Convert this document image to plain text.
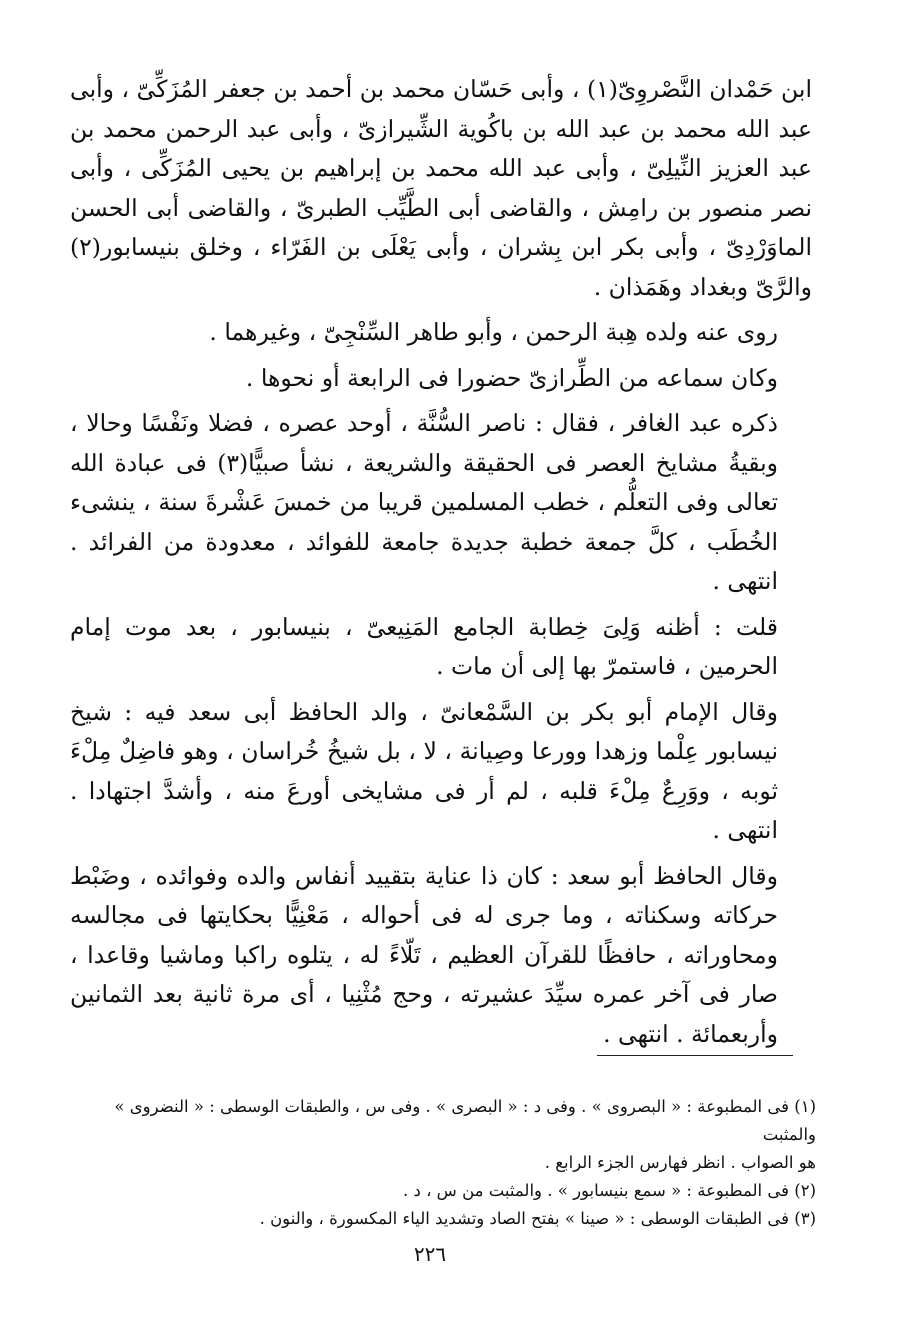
ابن حَمْدان النَّصْروِىّ(١) ، وأبى حَسّان محمد بن أحمد بن جعفر المُزَكِّىّ ، وأبى عبد الله محمد بن عبد الله بن باكُوية الشِّيرازىّ ، وأبى عبد الرحمن محمد بن عبد العزيز النِّيلِىّ ، وأبى عبد الله محمد بن إبراهيم بن يحيى المُزَكِّى ، وأبى نصر منصور بن رامِش ، والقاضى أبى الطَّيِّب الطبرىّ ، والقاضى أبى الحسن الماوَرْدِىّ ، وأبى بكر ابن بِشران ، وأبى يَعْلَى بن الفَرّاء ، وخلق بنيسابور(٢) والرَّىّ وبغداد وهَمَذان .

روى عنه ولده هِبة الرحمن ، وأبو طاهر السِّنْجِىّ ، وغيرهما .

وكان سماعه من الطِّرازىّ حضورا فى الرابعة أو نحوها .

ذكره عبد الغافر ، فقال : ناصر السُّنَّة ، أوحد عصره ، فضلا ونَفْسًا وحالا ، وبقيةُ مشايخ العصر فى الحقيقة والشريعة ، نشأ صبيًّا(٣) فى عبادة الله تعالى وفى التعلُّم ، خطب المسلمين قريبا من خمسَ عَشْرةَ سنة ، ينشىء الخُطَب ، كلَّ جمعة خطبة جديدة جامعة للفوائد ، معدودة من الفرائد . انتهى .

قلت : أظنه وَلِىَ خِطابة الجامع المَنِيعىّ ، بنيسابور ، بعد موت إمام الحرمين ، فاستمرّ بها إلى أن مات .

وقال الإمام أبو بكر بن السَّمْعانىّ ، والد الحافظ أبى سعد فيه : شيخ نيسابور عِلْما وزهدا وورعا وصِيانة ، لا ، بل شيخُ خُراسان ، وهو فاضِلٌ مِلْءَ ثوبه ، ووَرِعٌ مِلْءَ قلبه ، لم أر فى مشايخى أورعَ منه ، وأشدَّ اجتهادا . انتهى .

وقال الحافظ أبو سعد : كان ذا عناية بتقييد أنفاس والده وفوائده ، وضَبْط حركاته وسكناته ، وما جرى له فى أحواله ، مَعْنِيًّا بحكايتها فى مجالسه ومحاوراته ، حافظًا للقرآن العظيم ، تَلّاءً له ، يتلوه راكبا وماشيا وقاعدا ، صار فى آخر عمره سيِّدَ عشيرته ، وحج مُثْنِيا ، أى مرة ثانية بعد الثمانين وأربعمائة . انتهى .

(١) فى المطبوعة : « البصروى » . وفى د : « البصرى » . وفى س ، والطبقات الوسطى : « النضروى » والمثبت

هو الصواب . انظر فهارس الجزء الرابع .

(٢) فى المطبوعة : « سمع بنيسابور » . والمثبت من س ، د .

(٣) فى الطبقات الوسطى : « صينا » بفتح الصاد وتشديد الياء المكسورة ، والنون .

٢٢٦
